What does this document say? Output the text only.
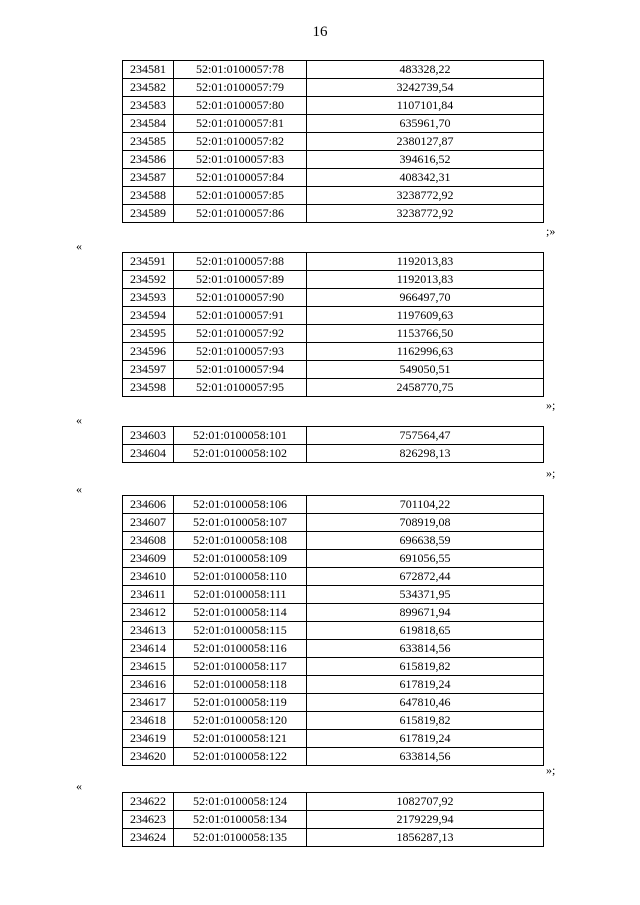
16
234581	52:01:0100057:78	483328,22
234582	52:01:0100057:79	3242739,54
234583	52:01:0100057:80	1107101,84
234584	52:01:0100057:81	635961,70
234585	52:01:0100057:82	2380127,87
234586	52:01:0100057:83	394616,52
234587	52:01:0100057:84	408342,31
234588	52:01:0100057:85	3238772,92
234589	52:01:0100057:86	3238772,92
;»
«
234591	52:01:0100057:88	1192013,83
234592	52:01:0100057:89	1192013,83
234593	52:01:0100057:90	966497,70
234594	52:01:0100057:91	1197609,63
234595	52:01:0100057:92	1153766,50
234596	52:01:0100057:93	1162996,63
234597	52:01:0100057:94	549050,51
234598	52:01:0100057:95	2458770,75
»;
«
234603	52:01:0100058:101	757564,47
234604	52:01:0100058:102	826298,13
»;
«
234606	52:01:0100058:106	701104,22
234607	52:01:0100058:107	708919,08
234608	52:01:0100058:108	696638,59
234609	52:01:0100058:109	691056,55
234610	52:01:0100058:110	672872,44
234611	52:01:0100058:111	534371,95
234612	52:01:0100058:114	899671,94
234613	52:01:0100058:115	619818,65
234614	52:01:0100058:116	633814,56
234615	52:01:0100058:117	615819,82
234616	52:01:0100058:118	617819,24
234617	52:01:0100058:119	647810,46
234618	52:01:0100058:120	615819,82
234619	52:01:0100058:121	617819,24
234620	52:01:0100058:122	633814,56
»;
«
234622	52:01:0100058:124	1082707,92
234623	52:01:0100058:134	2179229,94
234624	52:01:0100058:135	1856287,13
